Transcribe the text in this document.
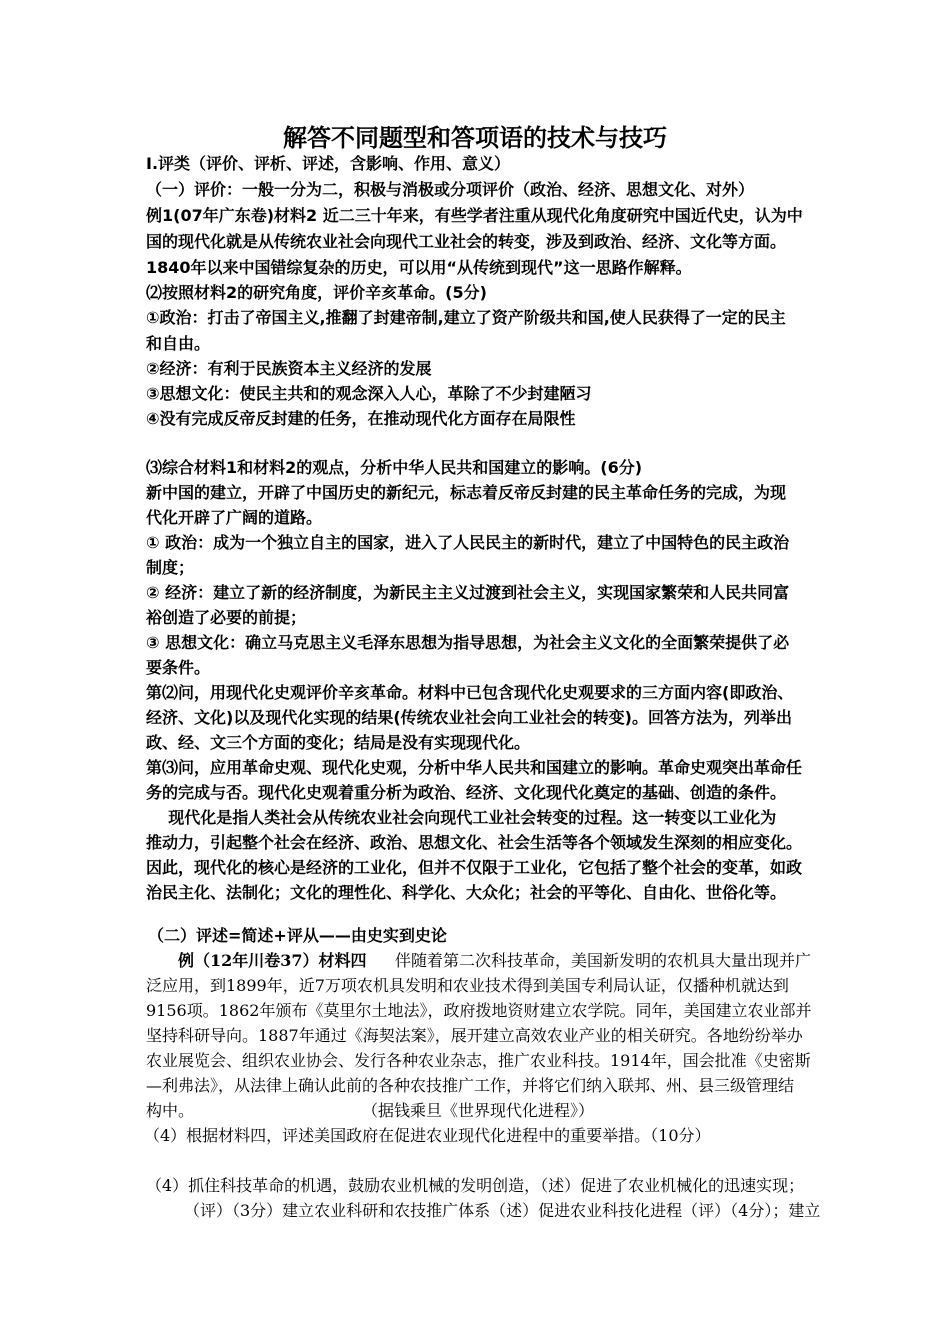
解答不同题型和答项语的技术与技巧
Ⅰ.评类（评价、评析、评述，含影响、作用、意义）
（一）评价：一般一分为二，积极与消极或分项评价（政治、经济、思想文化、对外）
例1(07年广东卷)材料2 近二三十年来，有些学者注重从现代化角度研究中国近代史，认为中
国的现代化就是从传统农业社会向现代工业社会的转变，涉及到政治、经济、文化等方面。
1840年以来中国错综复杂的历史，可以用“从传统到现代”这一思路作解释。
⑵按照材料2的研究角度，评价辛亥革命。(5分)
①政治：打击了帝国主义,推翻了封建帝制,建立了资产阶级共和国,使人民获得了一定的民主
和自由。
②经济：有利于民族资本主义经济的发展
③思想文化：使民主共和的观念深入人心，革除了不少封建陋习
④没有完成反帝反封建的任务，在推动现代化方面存在局限性
⑶综合材料1和材料2的观点，分析中华人民共和国建立的影响。(6分)
新中国的建立，开辟了中国历史的新纪元，标志着反帝反封建的民主革命任务的完成，为现
代化开辟了广阔的道路。
① 政治：成为一个独立自主的国家，进入了人民民主的新时代，建立了中国特色的民主政治
制度；
② 经济：建立了新的经济制度，为新民主主义过渡到社会主义，实现国家繁荣和人民共同富
裕创造了必要的前提；
③ 思想文化：确立马克思主义毛泽东思想为指导思想，为社会主义文化的全面繁荣提供了必
要条件。
第⑵问，用现代化史观评价辛亥革命。材料中已包含现代化史观要求的三方面内容(即政治、
经济、文化)以及现代化实现的结果(传统农业社会向工业社会的转变)。回答方法为，列举出
政、经、文三个方面的变化；结局是没有实现现代化。
第⑶问，应用革命史观、现代化史观，分析中华人民共和国建立的影响。革命史观突出革命任
务的完成与否。现代化史观着重分析为政治、经济、文化现代化奠定的基础、创造的条件。
现代化是指人类社会从传统农业社会向现代工业社会转变的过程。这一转变以工业化为
推动力，引起整个社会在经济、政治、思想文化、社会生活等各个领域发生深刻的相应变化。
因此，现代化的核心是经济的工业化，但并不仅限于工业化，它包括了整个社会的变革，如政
治民主化、法制化；文化的理性化、科学化、大众化；社会的平等化、自由化、世俗化等。
（二）评述=简述+评从——由史实到史论
例（12年川卷37）材料四 伴随着第二次科技革命，美国新发明的农机具大量出现并广
泛应用，到1899年，近7万项农机具发明和农业技术得到美国专利局认证，仅播种机就达到
9156项。1862年颁布《莫里尔土地法》，政府拨地资财建立农学院。同年，美国建立农业部并
坚持科研导向。1887年通过《海契法案》，展开建立高效农业产业的相关研究。各地纷纷举办
农业展览会、组织农业协会、发行各种农业杂志，推广农业科技。1914年，国会批准《史密斯
—利弗法》，从法律上确认此前的各种农技推广工作，并将它们纳入联邦、州、县三级管理结
构中。	（据钱乘旦《世界现代化进程》）
（4）根据材料四，评述美国政府在促进农业现代化进程中的重要举措。（10分）
（4）抓住科技革命的机遇，鼓励农业机械的发明创造，（述）促进了农业机械化的迅速实现；
（评）（3分）建立农业科研和农技推广体系（述）促进农业科技化进程（评）（4分）；建立
